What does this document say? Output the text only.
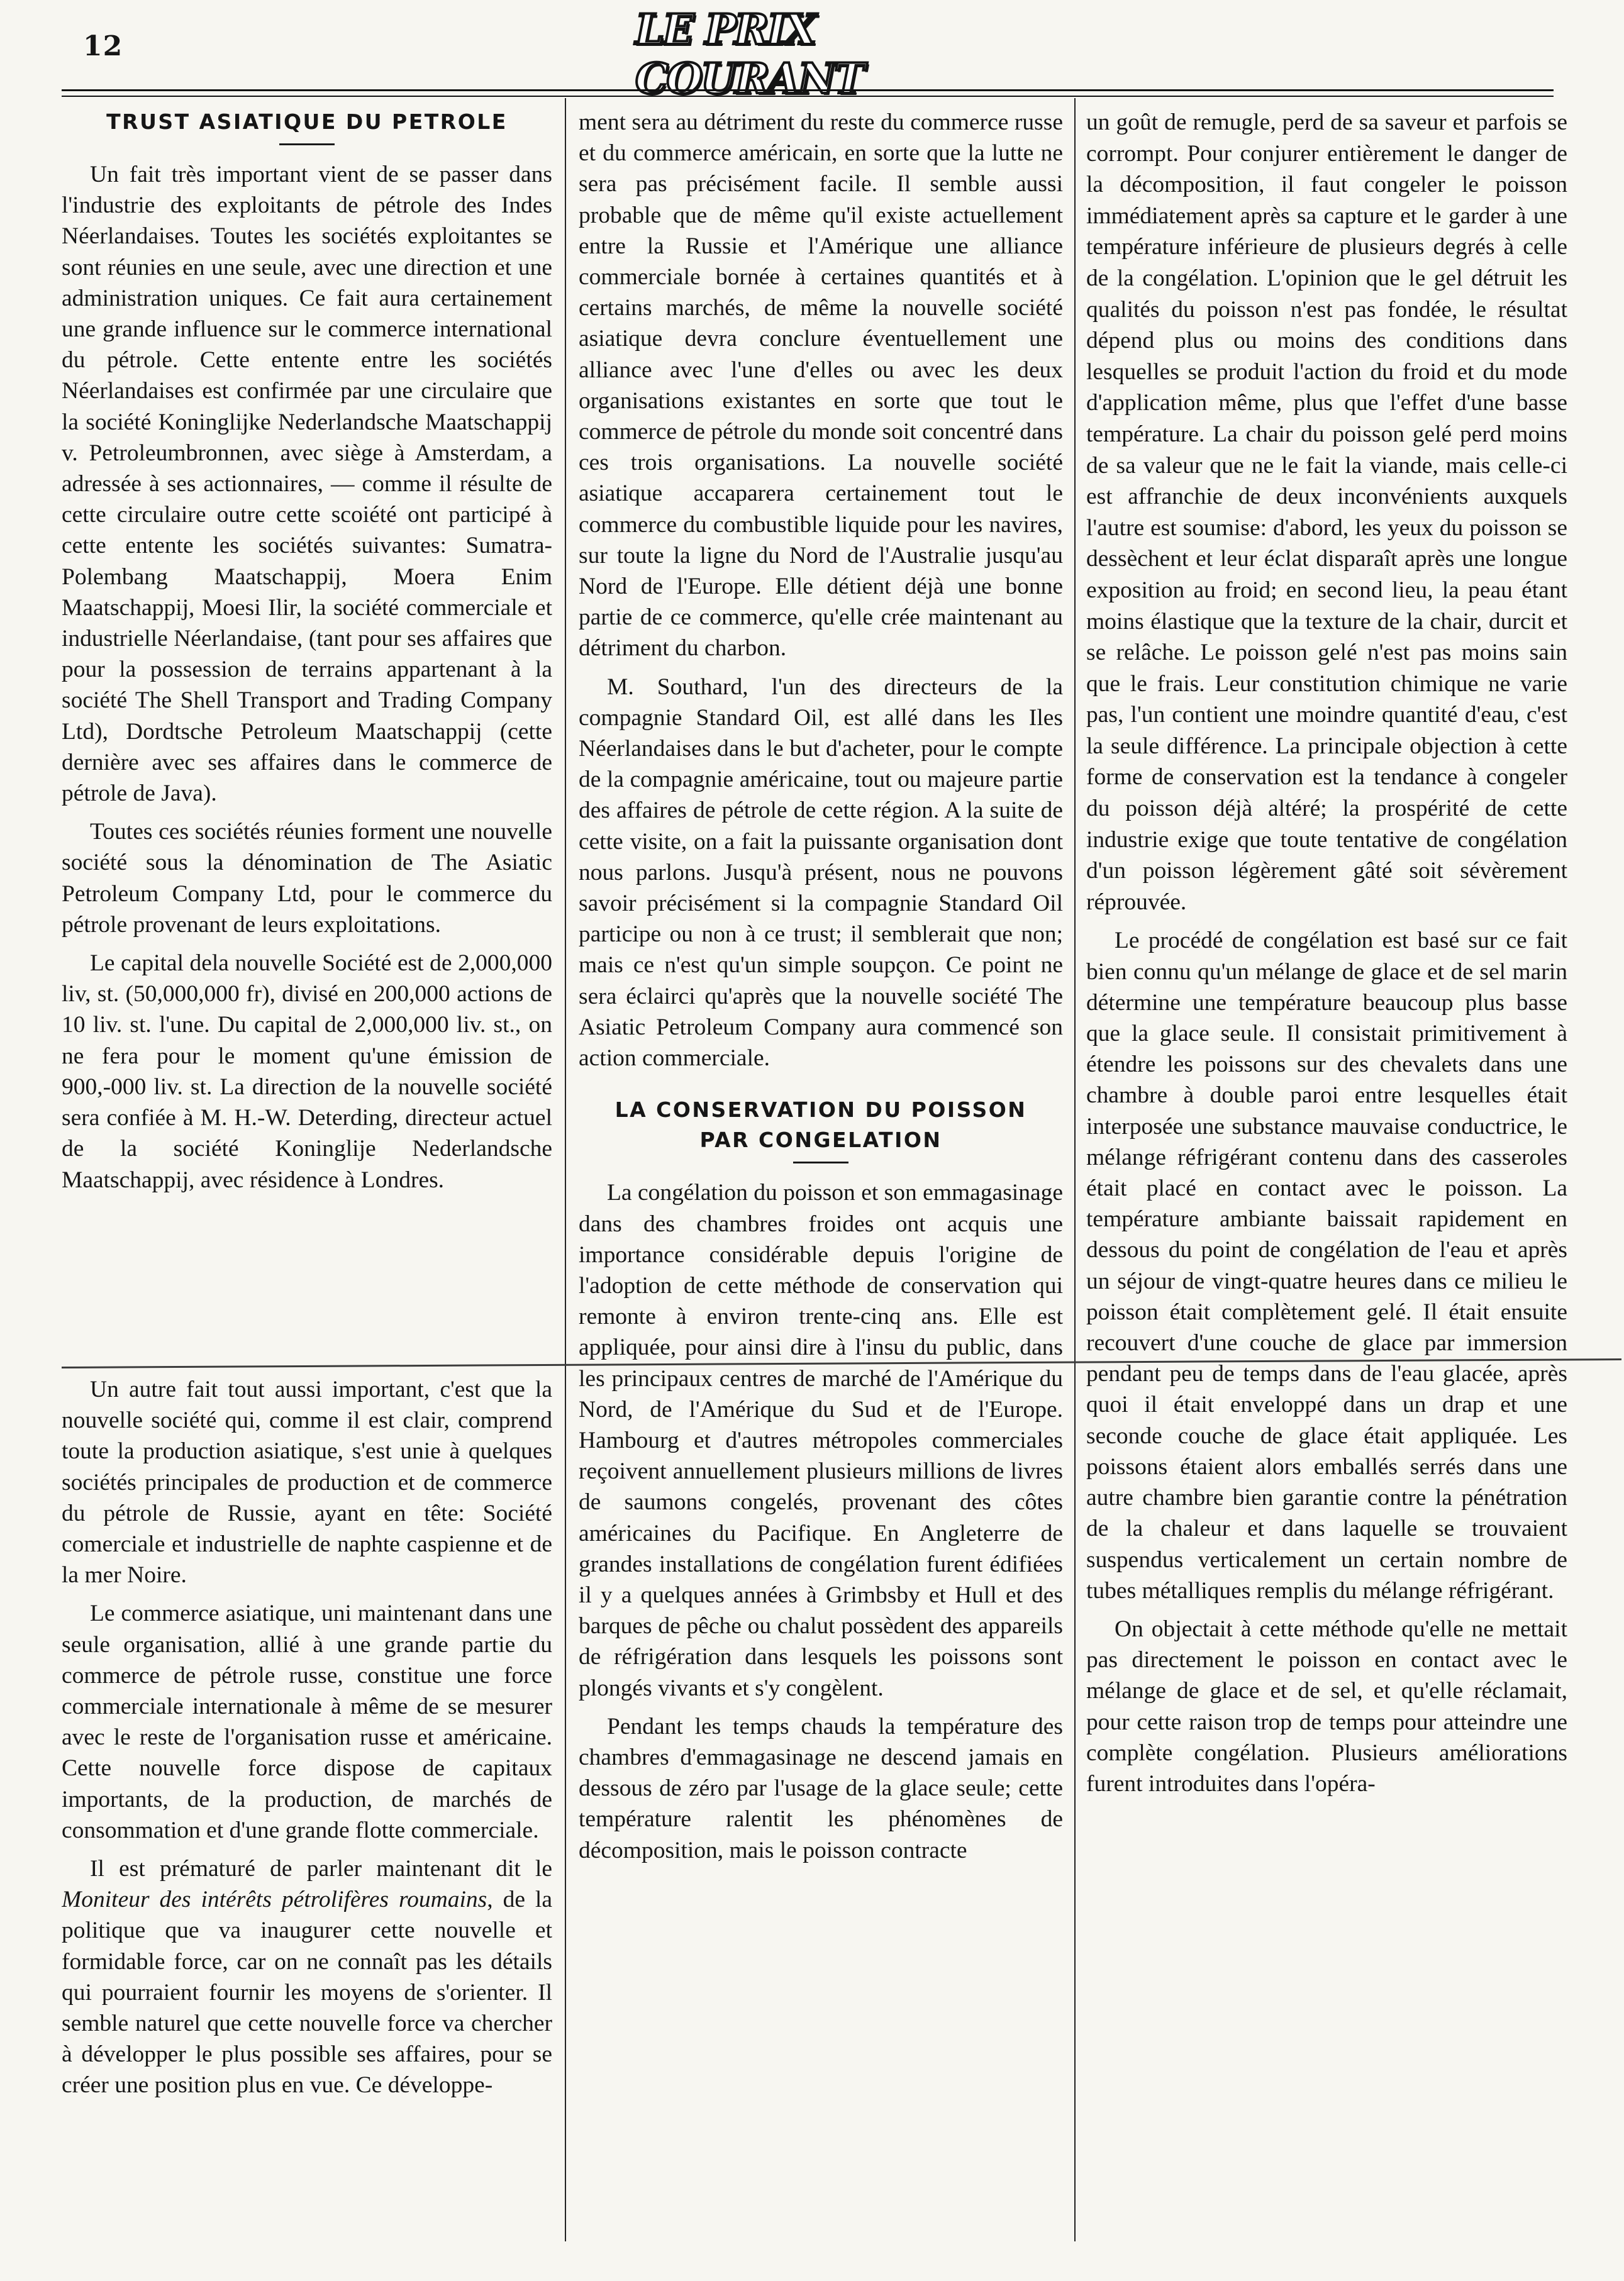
12	LE PRIX COURANT
TRUST ASIATIQUE DU PETROLE

Un fait très important vient de se passer dans l'industrie des exploitants de pétrole des Indes Néerlandaises. Toutes les sociétés exploitantes se sont réunies en une seule, avec une direction et une administration uniques. Ce fait aura certainement une grande influence sur le commerce international du pétrole. Cette entente entre les sociétés Néerlandaises est confirmée par une circulaire que la société Koninglijke Nederlandsche Maatschappij v. Petroleumbronnen, avec siège à Amsterdam, a adressée à ses actionnaires, — comme il résulte de cette circulaire outre cette scoiété ont participé à cette entente les sociétés suivantes: Sumatra-Polembang Maatschappij, Moera Enim Maatschappij, Moesi Ilir, la société commerciale et industrielle Néerlandaise, (tant pour ses affaires que pour la possession de terrains appartenant à la société The Shell Transport and Trading Company Ltd), Dordtsche Petroleum Maatschappij (cette dernière avec ses affaires dans le commerce de pétrole de Java).

Toutes ces sociétés réunies forment une nouvelle société sous la dénomination de The Asiatic Petroleum Company Ltd, pour le commerce du pétrole provenant de leurs exploitations.

Le capital dela nouvelle Société est de 2,000,000 liv, st. (50,000,000 fr), divisé en 200,000 actions de 10 liv. st. l'une. Du capital de 2,000,000 liv. st., on ne fera pour le moment qu'une émission de 900,-000 liv. st. La direction de la nouvelle société sera confiée à M. H.-W. Deterding, directeur actuel de la société Koninglije Nederlandsche Maatschappij, avec résidence à Londres.

Un autre fait tout aussi important, c'est que la nouvelle société qui, comme il est clair, comprend toute la production asiatique, s'est unie à quelques sociétés principales de production et de commerce du pétrole de Russie, ayant en tête: Société comerciale et industrielle de naphte caspienne et de la mer Noire.

Le commerce asiatique, uni maintenant dans une seule organisation, allié à une grande partie du commerce de pétrole russe, constitue une force commerciale internationale à même de se mesurer avec le reste de l'organisation russe et américaine. Cette nouvelle force dispose de capitaux importants, de la production, de marchés de consommation et d'une grande flotte commerciale.

Il est prématuré de parler maintenant dit le Moniteur des intérêts pétrolifères roumains, de la politique que va inaugurer cette nouvelle et formidable force, car on ne connaît pas les détails qui pourraient fournir les moyens de s'orienter. Il semble naturel que cette nouvelle force va chercher à développer le plus possible ses affaires, pour se créer une position plus en vue. Ce développe-

ment sera au détriment du reste du commerce russe et du commerce américain, en sorte que la lutte ne sera pas précisément facile. Il semble aussi probable que de même qu'il existe actuellement entre la Russie et l'Amérique une alliance commerciale bornée à certaines quantités et à certains marchés, de même la nouvelle société asiatique devra conclure éventuellement une alliance avec l'une d'elles ou avec les deux organisations existantes en sorte que tout le commerce de pétrole du monde soit concentré dans ces trois organisations. La nouvelle société asiatique accaparera certainement tout le commerce du combustible liquide pour les navires, sur toute la ligne du Nord de l'Australie jusqu'au Nord de l'Europe. Elle détient déjà une bonne partie de ce commerce, qu'elle crée maintenant au détriment du charbon.

M. Southard, l'un des directeurs de la compagnie Standard Oil, est allé dans les Iles Néerlandaises dans le but d'acheter, pour le compte de la compagnie américaine, tout ou majeure partie des affaires de pétrole de cette région. A la suite de cette visite, on a fait la puissante organisation dont nous parlons. Jusqu'à présent, nous ne pouvons savoir précisément si la compagnie Standard Oil participe ou non à ce trust; il semblerait que non; mais ce n'est qu'un simple soupçon. Ce point ne sera éclairci qu'après que la nouvelle société The Asiatic Petroleum Company aura commencé son action commerciale.

LA CONSERVATION DU POISSON
PAR CONGELATION

La congélation du poisson et son emmagasinage dans des chambres froides ont acquis une importance considérable depuis l'origine de l'adoption de cette méthode de conservation qui remonte à environ trente-cinq ans. Elle est appliquée, pour ainsi dire à l'insu du public, dans les principaux centres de marché de l'Amérique du Nord, de l'Amérique du Sud et de l'Europe. Hambourg et d'autres métropoles commerciales reçoivent annuellement plusieurs millions de livres de saumons congelés, provenant des côtes américaines du Pacifique. En Angleterre de grandes installations de congélation furent édifiées il y a quelques années à Grimbsby et Hull et des barques de pêche ou chalut possèdent des appareils de réfrigération dans lesquels les poissons sont plongés vivants et s'y congèlent.

Pendant les temps chauds la température des chambres d'emmagasinage ne descend jamais en dessous de zéro par l'usage de la glace seule; cette température ralentit les phénomènes de décomposition, mais le poisson contracte

un goût de remugle, perd de sa saveur et parfois se corrompt. Pour conjurer entièrement le danger de la décomposition, il faut congeler le poisson immédiatement après sa capture et le garder à une température inférieure de plusieurs degrés à celle de la congélation. L'opinion que le gel détruit les qualités du poisson n'est pas fondée, le résultat dépend plus ou moins des conditions dans lesquelles se produit l'action du froid et du mode d'application même, plus que l'effet d'une basse température. La chair du poisson gelé perd moins de sa valeur que ne le fait la viande, mais celle-ci est affranchie de deux inconvénients auxquels l'autre est soumise: d'abord, les yeux du poisson se dessèchent et leur éclat disparaît après une longue exposition au froid; en second lieu, la peau étant moins élastique que la texture de la chair, durcit et se relâche. Le poisson gelé n'est pas moins sain que le frais. Leur constitution chimique ne varie pas, l'un contient une moindre quantité d'eau, c'est la seule différence. La principale objection à cette forme de conservation est la tendance à congeler du poisson déjà altéré; la prospérité de cette industrie exige que toute tentative de congélation d'un poisson légèrement gâté soit sévèrement réprouvée.

Le procédé de congélation est basé sur ce fait bien connu qu'un mélange de glace et de sel marin détermine une température beaucoup plus basse que la glace seule. Il consistait primitivement à étendre les poissons sur des chevalets dans une chambre à double paroi entre lesquelles était interposée une substance mauvaise conductrice, le mélange réfrigérant contenu dans des casseroles était placé en contact avec le poisson. La température ambiante baissait rapidement en dessous du point de congélation de l'eau et après un séjour de vingt-quatre heures dans ce milieu le poisson était complètement gelé. Il était ensuite recouvert d'une couche de glace par immersion pendant peu de temps dans de l'eau glacée, après quoi il était enveloppé dans un drap et une seconde couche de glace était appliquée. Les poissons étaient alors emballés serrés dans une autre chambre bien garantie contre la pénétration de la chaleur et dans laquelle se trouvaient suspendus verticalement un certain nombre de tubes métalliques remplis du mélange réfrigérant.

On objectait à cette méthode qu'elle ne mettait pas directement le poisson en contact avec le mélange de glace et de sel, et qu'elle réclamait, pour cette raison trop de temps pour atteindre une complète congélation. Plusieurs améliorations furent introduites dans l'opéra-
